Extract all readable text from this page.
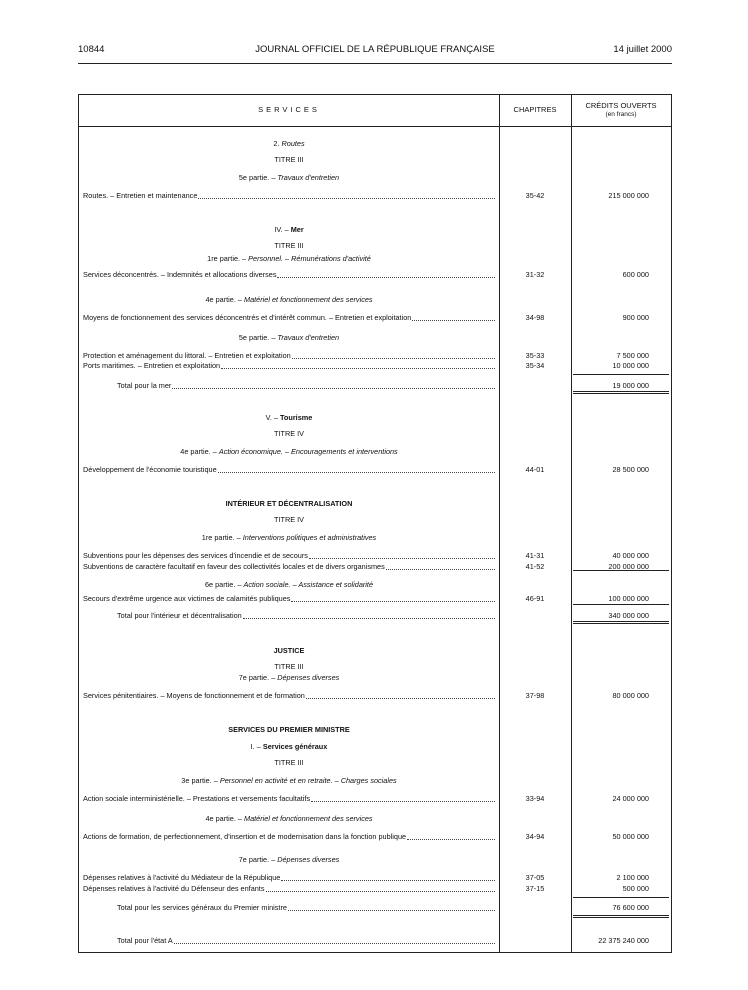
10844	JOURNAL OFFICIEL DE LA RÉPUBLIQUE FRANÇAISE	14 juillet 2000
SERVICES	CHAPITRES	CRÉDITS OUVERTS
(en francs)
2. Routes
TITRE III
5e partie. – Travaux d'entretien
Routes. – Entretien et maintenance	35-42	215 000 000
IV. – Mer
TITRE III
1re partie. – Personnel. – Rémunérations d'activité
Services déconcentrés. – Indemnités et allocations diverses	31-32	600 000
4e partie. – Matériel et fonctionnement des services
Moyens de fonctionnement des services déconcentrés et d'intérêt commun. – Entretien et exploitation	34-98	900 000
5e partie. – Travaux d'entretien
Protection et aménagement du littoral. – Entretien et exploitation	35-33	7 500 000
Ports maritimes. – Entretien et exploitation	35-34	10 000 000
Total pour la mer	19 000 000
V. – Tourisme
TITRE IV
4e partie. – Action économique. – Encouragements et interventions
Développement de l'économie touristique	44-01	28 500 000
INTÉRIEUR ET DÉCENTRALISATION
TITRE IV
1re partie. – Interventions politiques et administratives
Subventions pour les dépenses des services d'incendie et de secours	41-31	40 000 000
Subventions de caractère facultatif en faveur des collectivités locales et de divers organismes	41-52	200 000 000
6e partie. – Action sociale. – Assistance et solidarité
Secours d'extrême urgence aux victimes de calamités publiques	46-91	100 000 000
Total pour l'intérieur et décentralisation	340 000 000
JUSTICE
TITRE III
7e partie. – Dépenses diverses
Services pénitentiaires. – Moyens de fonctionnement et de formation	37-98	80 000 000
SERVICES DU PREMIER MINISTRE
I. – Services généraux
TITRE III
3e partie. – Personnel en activité et en retraite. – Charges sociales
Action sociale interministérielle. – Prestations et versements facultatifs	33-94	24 000 000
4e partie. – Matériel et fonctionnement des services
Actions de formation, de perfectionnement, d'insertion et de modernisation dans la fonction publique	34-94	50 000 000
7e partie. – Dépenses diverses
Dépenses relatives à l'activité du Médiateur de la République	37-05	2 100 000
Dépenses relatives à l'activité du Défenseur des enfants	37-15	500 000
Total pour les services généraux du Premier ministre	76 600 000
Total pour l'état A	22 375 240 000
